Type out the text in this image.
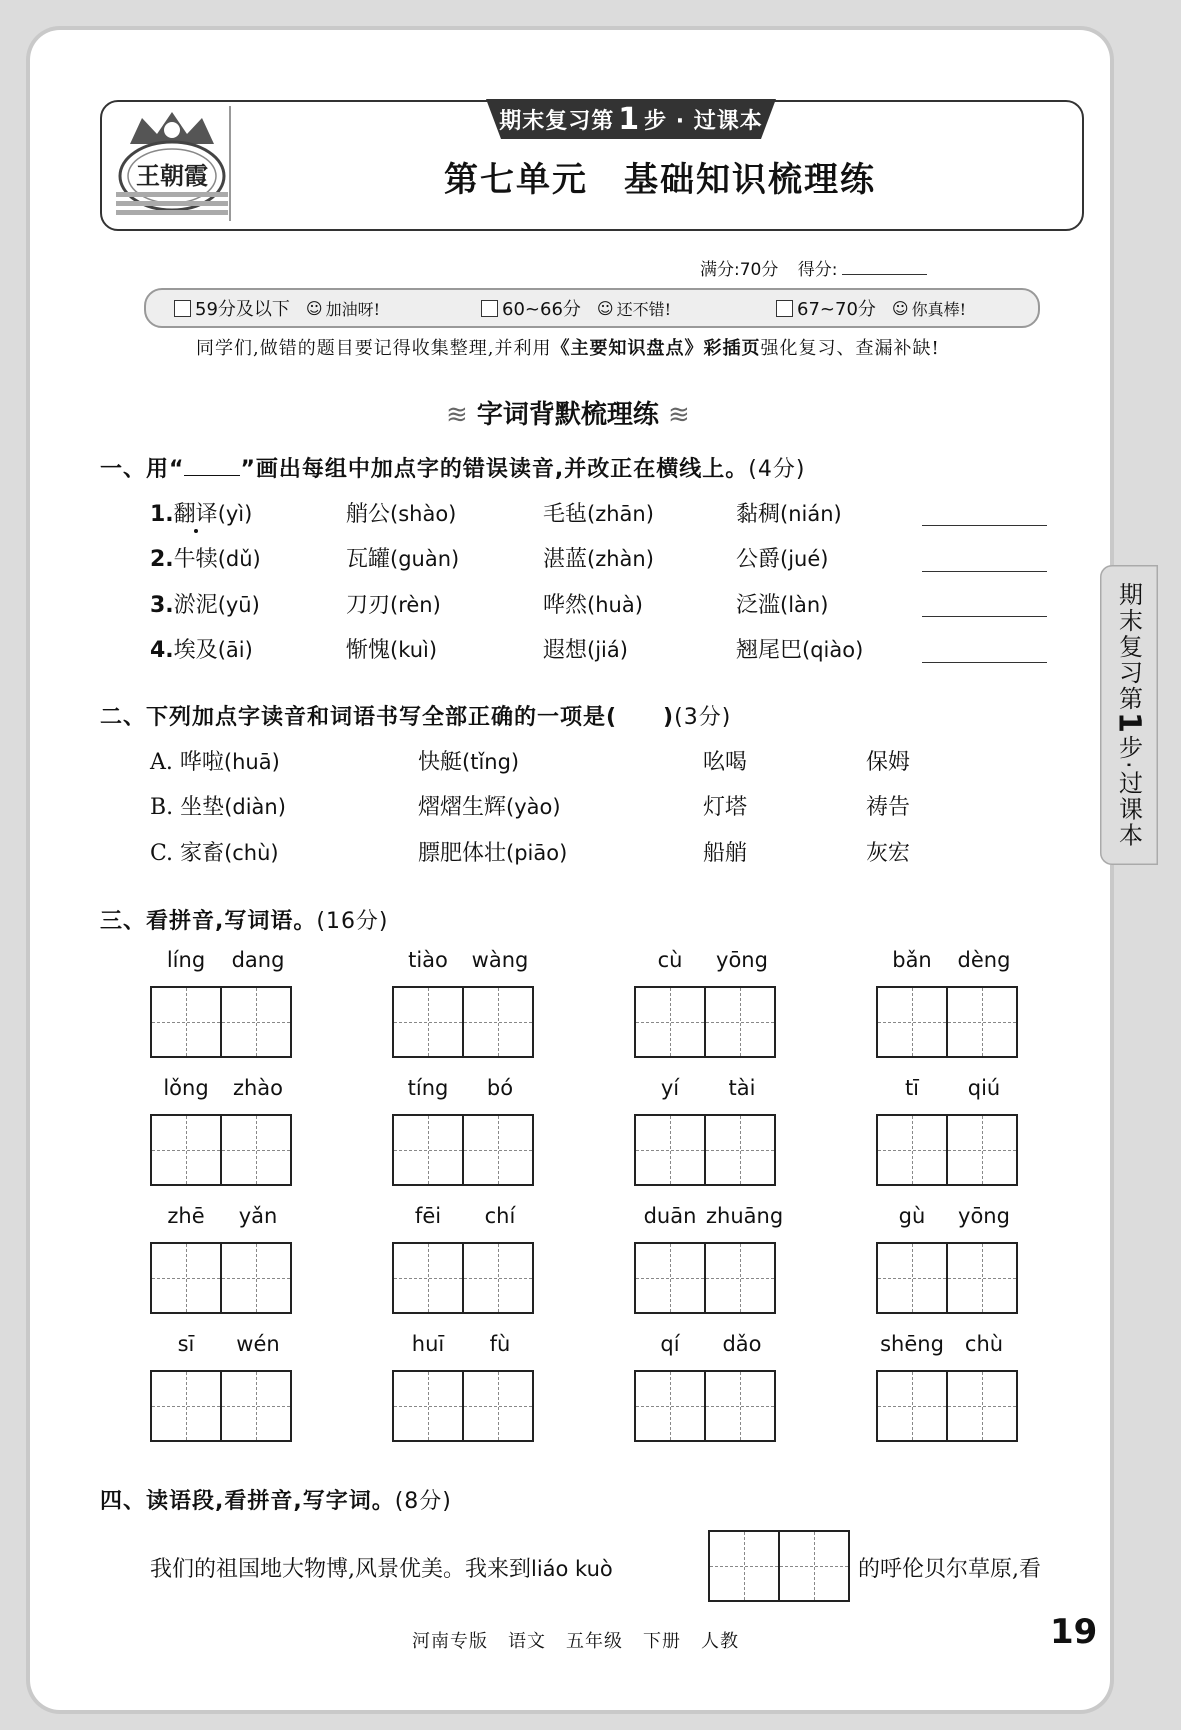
王朝霞
期末复习第 1 步 · 过课本
第七单元　基础知识梳理练
满分:70分 得分:
59分及以下 ☺ 加油呀!	60~66分 ☺ 还不错!	67~70分 ☺ 你真棒!
同学们,做错的题目要记得收集整理,并利用《主要知识盘点》彩插页强化复习、查漏补缺!
≋ 字词背默梳理练 ≋
一、用“	”画出每组中加点字的错误读音,并改正在横线上。(4分)
1.翻译(yì)	艄公(shào)	毛毡(zhān)	黏稠(nián)
2.牛犊(dǔ)	瓦罐(guàn)	湛蓝(zhàn)	公爵(jué)
3.淤泥(yū)	刀刃(rèn)	哗然(huà)	泛滥(làn)
4.埃及(āi)	惭愧(kuì)	遐想(jiá)	翘尾巴(qiào)
二、下列加点字读音和词语书写全部正确的一项是(　　)(3分)
A. 哗啦(huā)	快艇(tǐng)	吆喝	保姆
B. 坐垫(diàn)	熠熠生辉(yào)	灯塔	祷告
C. 家畜(chù)	膘肥体壮(piāo)	船艄	灰宏
三、看拼音,写词语。(16分)
líng	dang	tiào	wàng	cù	yōng	bǎn	dèng
lǒng	zhào	tíng	bó	yí	tài	tī	qiú
zhē	yǎn	fēi	chí	duān zhuāng	gù	yōng
sī	wén	huī	fù	qí	dǎo	shēng	chù
四、读语段,看拼音,写字词。(8分)
我们的祖国地大物博,风景优美。我来到liáo kuò	的呼伦贝尔草原,看
期末复习第
1
步·过课本
河南专版 语文 五年级 下册 人教	19
